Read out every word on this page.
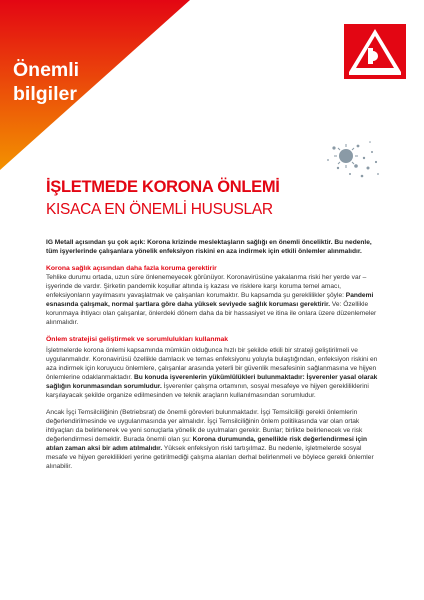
Önemli
bilgiler
İŞLETMEDE KORONA ÖNLEMİ
KISACA EN ÖNEMLİ HUSUSLAR

IG Metall açısından şu çok açık: Korona krizinde meslektaşların sağlığı en önemli önceliktir. Bu nedenle, tüm işyerlerinde çalışanlara yönelik enfeksiyon riskini en aza indirmek için etkili önlemler alınmalıdır.

Korona sağlık açısından daha fazla koruma gerektirir

Tehlike durumu ortada, uzun süre önlenemeyecek görünüyor. Koronavirüsüne yakalanma riski her yerde var – işyerinde de vardır. Şirketin pandemik koşullar altında iş kazası ve risklere karşı koruma temel amacı, enfeksiyonların yayılmasını yavaşlatmak ve çalışanları korumaktır. Bu kapsamda şu gereklilikler şöyle: Pandemi esnasında çalışmak, normal şartlara göre daha yüksek seviyede sağlık koruması gerektirir. Ve: Özellikle korunmaya ihtiyacı olan çalışanlar, önlerdeki dönem daha da bir hassasiyet ve itina ile onlara üzere düzenlemeler alınmalıdır.

Önlem stratejisi geliştirmek ve sorumlulukları kullanmak

İşletmelerde korona önlemi kapsamında mümkün olduğunca hızlı bir şekilde etkili bir strateji geliştirilmeli ve uygulanmalıdır. Koronavirüsü özellikle damlacık ve temas enfeksiyonu yoluyla bulaştığından, enfeksiyon riskini en aza indirmek için koruyucu önlemlere, çalışanlar arasında yeterli bir güvenlik mesafesinin sağlanmasına ve hijyen önlemlerine odaklanmaktadır. Bu konuda işverenlerin yükümlülükleri bulunmaktadır: İşverenler yasal olarak sağlığın korunmasından sorumludur. İşverenler çalışma ortamının, sosyal mesafeye ve hijyen gerekliliklerini karşılayacak şekilde organize edilmesinden ve teknik araçların kullanılmasından sorumludur.

Ancak İşçi Temsilciliğinin (Betriebsrat) de önemli görevleri bulunmaktadır. İşçi Temsilciliği gerekli önlemlerin değerlendirilmesinde ve uygulanmasında yer almalıdır. İşçi Temsilciliğinin önlem politikasında var olan ortak ihtiyaçları da belirlenerek ve yeni sonuçlarla yönelik de uyulmaları gerekir. Bunlar; birlikte belirlenecek ve risk değerlendirmesi demektir. Burada önemli olan şu: Korona durumunda, genellikle risk değerlendirmesi için atılan zaman aksi bir adım atılmalıdır. Yüksek enfeksiyon riski tartışılmaz. Bu nedenle, işletmelerde sosyal mesafe ve hijyen gereklilikleri yerine getirilmediği çalışma alanları derhal belirlenmeli ve böylece gerekli önlemler alınabilir.
